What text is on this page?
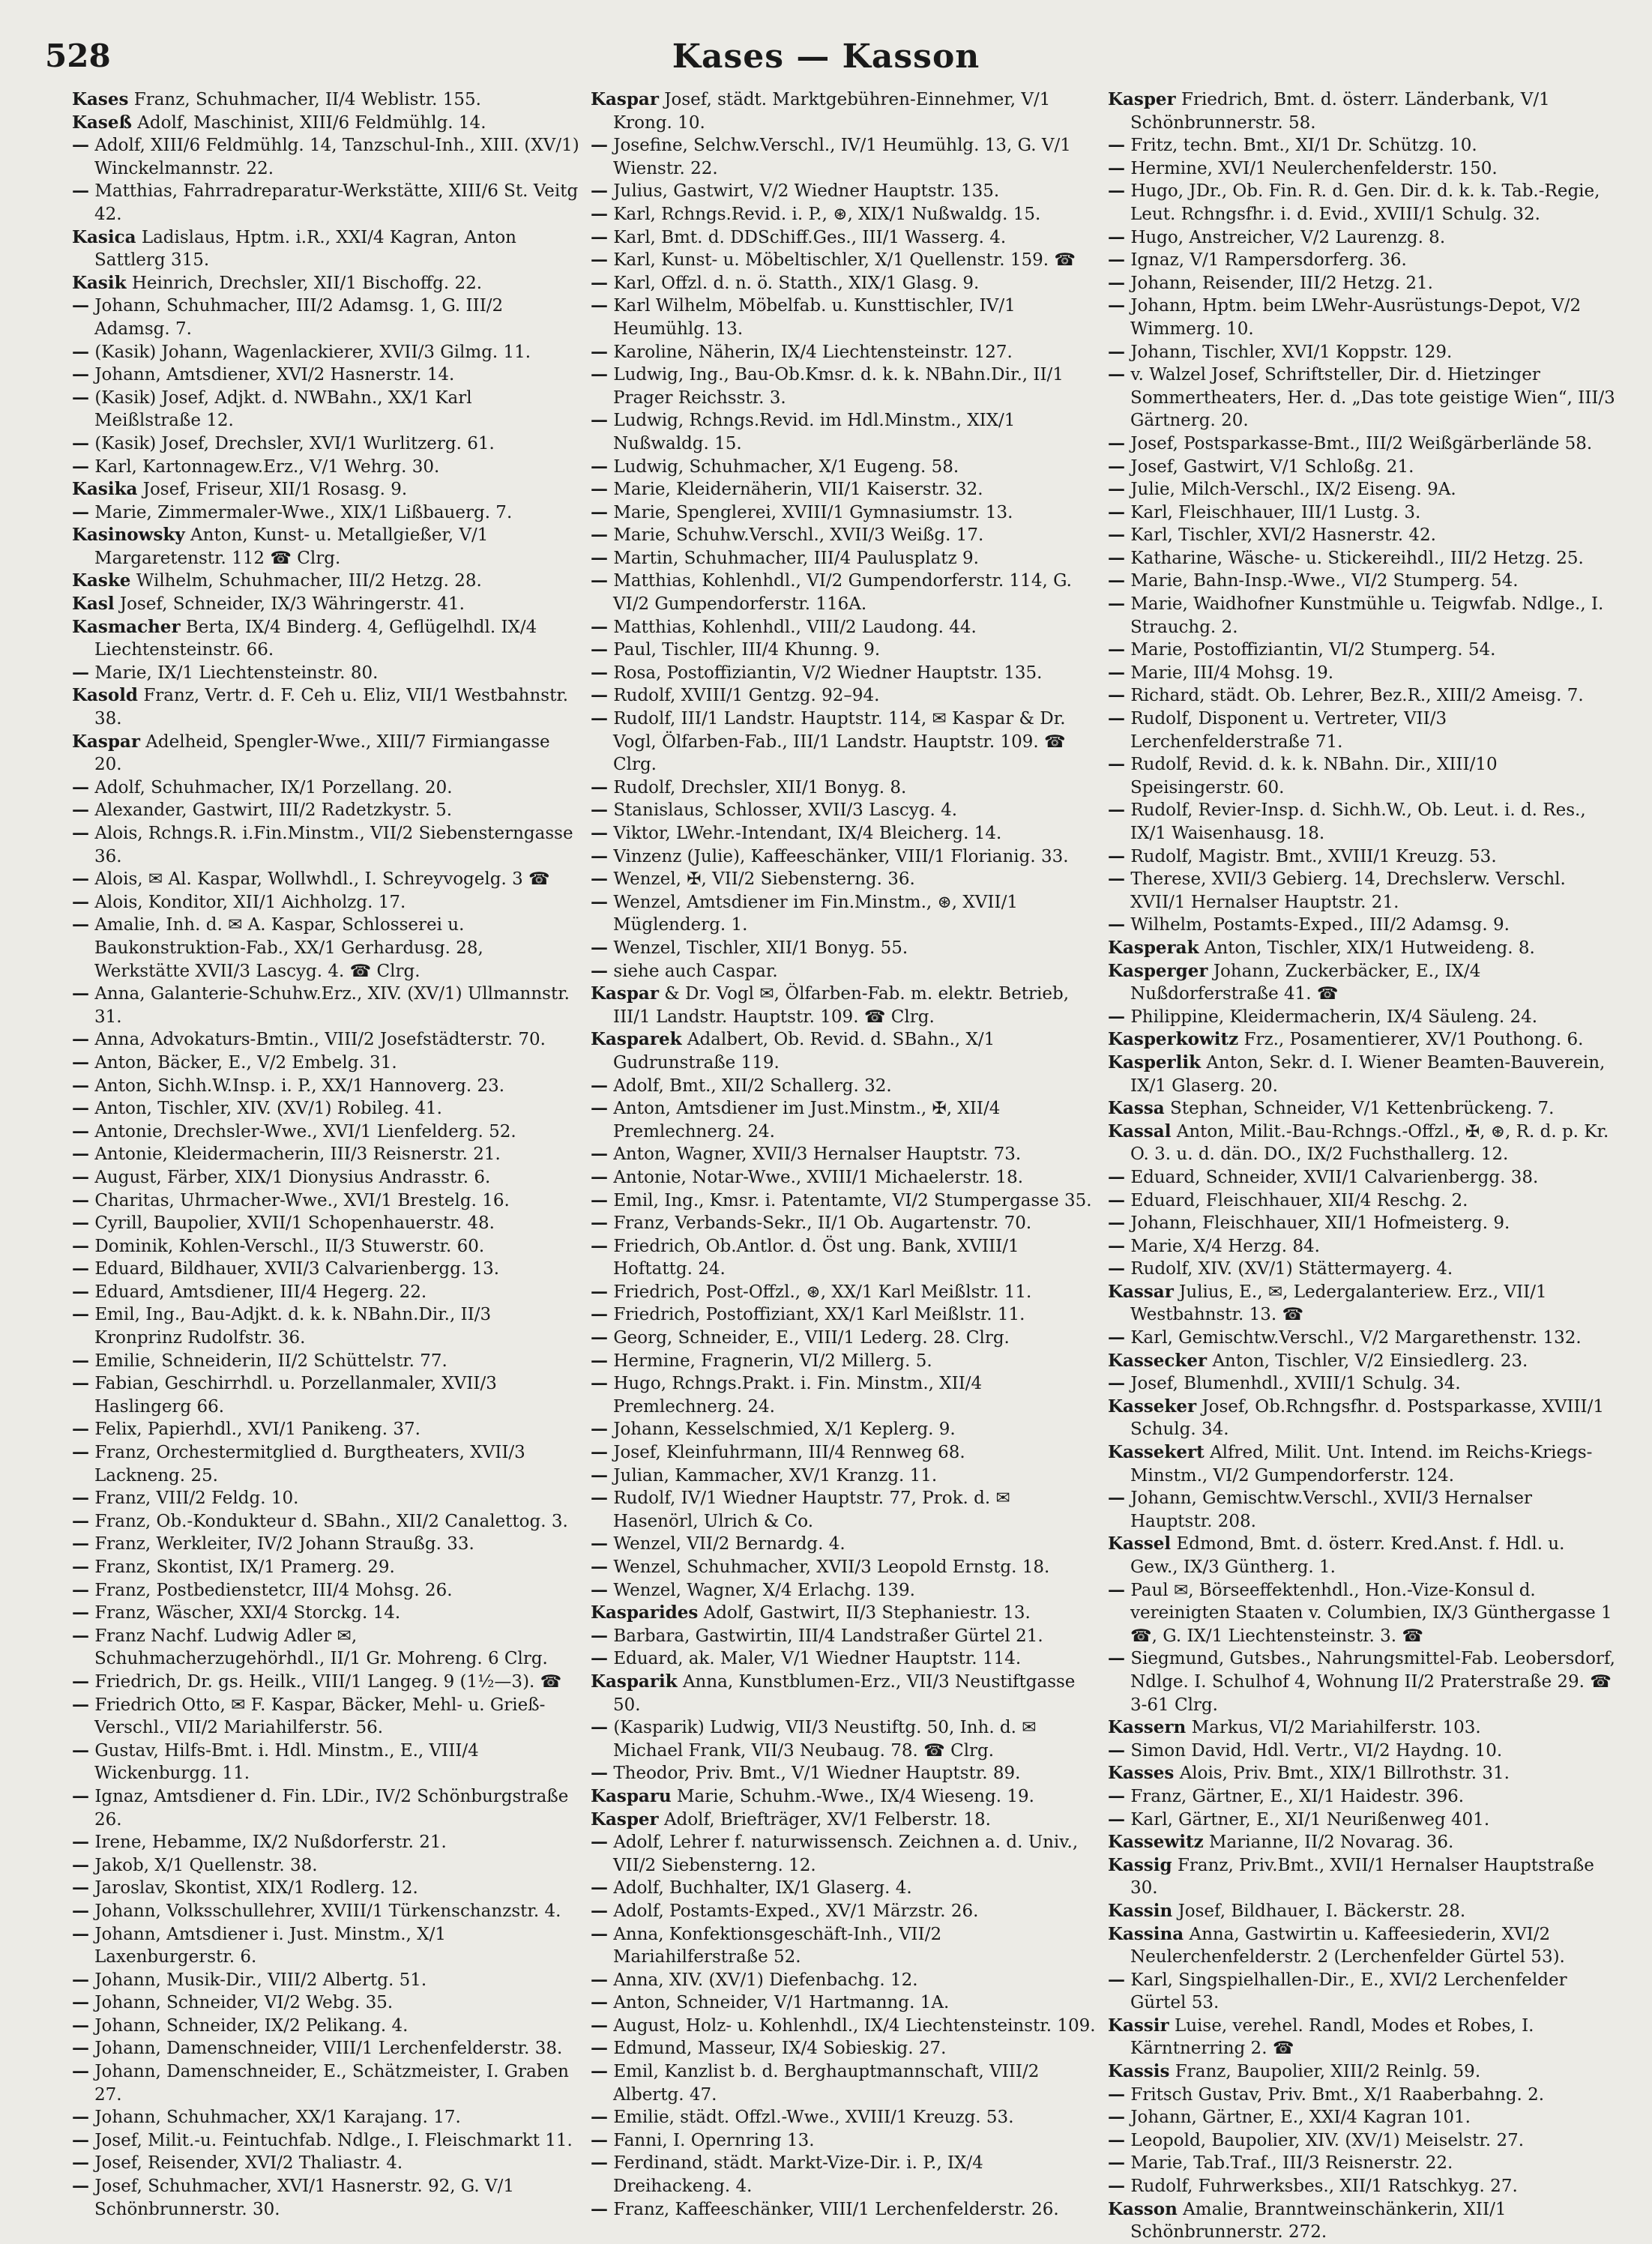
528	Kases — Kasson
Kases Franz, Schuhmacher, II/4 Weblistr. 155.
Kaseß Adolf, Maschinist, XIII/6 Feldmühlg. 14.
— Adolf, XIII/6 Feldmühlg. 14, Tanzschul-Inh., XIII. (XV/1) Winckelmannstr. 22.
— Matthias, Fahrradreparatur-Werkstätte, XIII/6 St. Veitg 42.
Kasica Ladislaus, Hptm. i.R., XXI/4 Kagran, Anton Sattlerg 315.
Kasik Heinrich, Drechsler, XII/1 Bischoffg. 22.
— Johann, Schuhmacher, III/2 Adamsg. 1, G. III/2 Adamsg. 7.
— (Kasik) Johann, Wagenlackierer, XVII/3 Gilmg. 11.
— Johann, Amtsdiener, XVI/2 Hasnerstr. 14.
— (Kasik) Josef, Adjkt. d. NWBahn., XX/1 Karl Meißlstraße 12.
— (Kasik) Josef, Drechsler, XVI/1 Wurlitzerg. 61.
— Karl, Kartonnagew.Erz., V/1 Wehrg. 30.
Kasika Josef, Friseur, XII/1 Rosasg. 9.
— Marie, Zimmermaler-Wwe., XIX/1 Lißbauerg. 7.
Kasinowsky Anton, Kunst- u. Metallgießer, V/1 Margaretenstr. 112 ☎ Clrg.
Kaske Wilhelm, Schuhmacher, III/2 Hetzg. 28.
Kasl Josef, Schneider, IX/3 Währingerstr. 41.
Kasmacher Berta, IX/4 Binderg. 4, Geflügelhdl. IX/4 Liechtensteinstr. 66.
— Marie, IX/1 Liechtensteinstr. 80.
Kasold Franz, Vertr. d. F. Ceh u. Eliz, VII/1 Westbahnstr. 38.
Kaspar Adelheid, Spengler-Wwe., XIII/7 Firmiangasse 20.
— Adolf, Schuhmacher, IX/1 Porzellang. 20.
— Alexander, Gastwirt, III/2 Radetzkystr. 5.
— Alois, Rchngs.R. i.Fin.Minstm., VII/2 Siebensterngasse 36.
— Alois, ✉ Al. Kaspar, Wollwhdl., I. Schreyvogelg. 3 ☎
— Alois, Konditor, XII/1 Aichholzg. 17.
— Amalie, Inh. d. ✉ A. Kaspar, Schlosserei u. Baukonstruktion-Fab., XX/1 Gerhardusg. 28, Werkstätte XVII/3 Lascyg. 4. ☎ Clrg.
— Anna, Galanterie-Schuhw.Erz., XIV. (XV/1) Ullmannstr. 31.
— Anna, Advokaturs-Bmtin., VIII/2 Josefstädterstr. 70.
— Anton, Bäcker, E., V/2 Embelg. 31.
— Anton, Sichh.W.Insp. i. P., XX/1 Hannoverg. 23.
— Anton, Tischler, XIV. (XV/1) Robileg. 41.
— Antonie, Drechsler-Wwe., XVI/1 Lienfelderg. 52.
— Antonie, Kleidermacherin, III/3 Reisnerstr. 21.
— August, Färber, XIX/1 Dionysius Andrasstr. 6.
— Charitas, Uhrmacher-Wwe., XVI/1 Brestelg. 16.
— Cyrill, Baupolier, XVII/1 Schopenhauerstr. 48.
— Dominik, Kohlen-Verschl., II/3 Stuwerstr. 60.
— Eduard, Bildhauer, XVII/3 Calvarienbergg. 13.
— Eduard, Amtsdiener, III/4 Hegerg. 22.
— Emil, Ing., Bau-Adjkt. d. k. k. NBahn.Dir., II/3 Kronprinz Rudolfstr. 36.
— Emilie, Schneiderin, II/2 Schüttelstr. 77.
— Fabian, Geschirrhdl. u. Porzellanmaler, XVII/3 Haslingerg 66.
— Felix, Papierhdl., XVI/1 Panikeng. 37.
— Franz, Orchestermitglied d. Burgtheaters, XVII/3 Lackneng. 25.
— Franz, VIII/2 Feldg. 10.
— Franz, Ob.-Kondukteur d. SBahn., XII/2 Canalettog. 3.
— Franz, Werkleiter, IV/2 Johann Straußg. 33.
— Franz, Skontist, IX/1 Pramerg. 29.
— Franz, Postbedienstetcr, III/4 Mohsg. 26.
— Franz, Wäscher, XXI/4 Storckg. 14.
— Franz Nachf. Ludwig Adler ✉, Schuhmacherzugehörhdl., II/1 Gr. Mohreng. 6 Clrg.
— Friedrich, Dr. gs. Heilk., VIII/1 Langeg. 9 (1½—3). ☎
— Friedrich Otto, ✉ F. Kaspar, Bäcker, Mehl- u. Grieß-Verschl., VII/2 Mariahilferstr. 56.
— Gustav, Hilfs-Bmt. i. Hdl. Minstm., E., VIII/4 Wickenburgg. 11.
— Ignaz, Amtsdiener d. Fin. LDir., IV/2 Schönburgstraße 26.
— Irene, Hebamme, IX/2 Nußdorferstr. 21.
— Jakob, X/1 Quellenstr. 38.
— Jaroslav, Skontist, XIX/1 Rodlerg. 12.
— Johann, Volksschullehrer, XVIII/1 Türkenschanzstr. 4.
— Johann, Amtsdiener i. Just. Minstm., X/1 Laxenburgerstr. 6.
— Johann, Musik-Dir., VIII/2 Albertg. 51.
— Johann, Schneider, VI/2 Webg. 35.
— Johann, Schneider, IX/2 Pelikang. 4.
— Johann, Damenschneider, VIII/1 Lerchenfelderstr. 38.
— Johann, Damenschneider, E., Schätzmeister, I. Graben 27.
— Johann, Schuhmacher, XX/1 Karajang. 17.
— Josef, Milit.-u. Feintuchfab. Ndlge., I. Fleischmarkt 11.
— Josef, Reisender, XVI/2 Thaliastr. 4.
— Josef, Schuhmacher, XVI/1 Hasnerstr. 92, G. V/1 Schönbrunnerstr. 30.
Kaspar Josef, städt. Marktgebühren-Einnehmer, V/1 Krong. 10.
— Josefine, Selchw.Verschl., IV/1 Heumühlg. 13, G. V/1 Wienstr. 22.
— Julius, Gastwirt, V/2 Wiedner Hauptstr. 135.
— Karl, Rchngs.Revid. i. P., ⊛, XIX/1 Nußwaldg. 15.
— Karl, Bmt. d. DDSchiff.Ges., III/1 Wasserg. 4.
— Karl, Kunst- u. Möbeltischler, X/1 Quellenstr. 159. ☎
— Karl, Offzl. d. n. ö. Statth., XIX/1 Glasg. 9.
— Karl Wilhelm, Möbelfab. u. Kunsttischler, IV/1 Heumühlg. 13.
— Karoline, Näherin, IX/4 Liechtensteinstr. 127.
— Ludwig, Ing., Bau-Ob.Kmsr. d. k. k. NBahn.Dir., II/1 Prager Reichsstr. 3.
— Ludwig, Rchngs.Revid. im Hdl.Minstm., XIX/1 Nußwaldg. 15.
— Ludwig, Schuhmacher, X/1 Eugeng. 58.
— Marie, Kleidernäherin, VII/1 Kaiserstr. 32.
— Marie, Spenglerei, XVIII/1 Gymnasiumstr. 13.
— Marie, Schuhw.Verschl., XVII/3 Weißg. 17.
— Martin, Schuhmacher, III/4 Paulusplatz 9.
— Matthias, Kohlenhdl., VI/2 Gumpendorferstr. 114, G. VI/2 Gumpendorferstr. 116A.
— Matthias, Kohlenhdl., VIII/2 Laudong. 44.
— Paul, Tischler, III/4 Khunng. 9.
— Rosa, Postoffiziantin, V/2 Wiedner Hauptstr. 135.
— Rudolf, XVIII/1 Gentzg. 92–94.
— Rudolf, III/1 Landstr. Hauptstr. 114, ✉ Kaspar & Dr. Vogl, Ölfarben-Fab., III/1 Landstr. Hauptstr. 109. ☎ Clrg.
— Rudolf, Drechsler, XII/1 Bonyg. 8.
— Stanislaus, Schlosser, XVII/3 Lascyg. 4.
— Viktor, LWehr.-Intendant, IX/4 Bleicherg. 14.
— Vinzenz (Julie), Kaffeeschänker, VIII/1 Florianig. 33.
— Wenzel, ✠, VII/2 Siebensterng. 36.
— Wenzel, Amtsdiener im Fin.Minstm., ⊛, XVII/1 Müglenderg. 1.
— Wenzel, Tischler, XII/1 Bonyg. 55.
— siehe auch Caspar.
Kaspar & Dr. Vogl ✉, Ölfarben-Fab. m. elektr. Betrieb, III/1 Landstr. Hauptstr. 109. ☎ Clrg.
Kasparek Adalbert, Ob. Revid. d. SBahn., X/1 Gudrunstraße 119.
— Adolf, Bmt., XII/2 Schallerg. 32.
— Anton, Amtsdiener im Just.Minstm., ✠, XII/4 Premlechnerg. 24.
— Anton, Wagner, XVII/3 Hernalser Hauptstr. 73.
— Antonie, Notar-Wwe., XVIII/1 Michaelerstr. 18.
— Emil, Ing., Kmsr. i. Patentamte, VI/2 Stumpergasse 35.
— Franz, Verbands-Sekr., II/1 Ob. Augartenstr. 70.
— Friedrich, Ob.Antlor. d. Öst ung. Bank, XVIII/1 Hoftattg. 24.
— Friedrich, Post-Offzl., ⊛, XX/1 Karl Meißlstr. 11.
— Friedrich, Postoffiziant, XX/1 Karl Meißlstr. 11.
— Georg, Schneider, E., VIII/1 Lederg. 28. Clrg.
— Hermine, Fragnerin, VI/2 Millerg. 5.
— Hugo, Rchngs.Prakt. i. Fin. Minstm., XII/4 Premlechnerg. 24.
— Johann, Kesselschmied, X/1 Keplerg. 9.
— Josef, Kleinfuhrmann, III/4 Rennweg 68.
— Julian, Kammacher, XV/1 Kranzg. 11.
— Rudolf, IV/1 Wiedner Hauptstr. 77, Prok. d. ✉ Hasenörl, Ulrich & Co.
— Wenzel, VII/2 Bernardg. 4.
— Wenzel, Schuhmacher, XVII/3 Leopold Ernstg. 18.
— Wenzel, Wagner, X/4 Erlachg. 139.
Kasparides Adolf, Gastwirt, II/3 Stephaniestr. 13.
— Barbara, Gastwirtin, III/4 Landstraßer Gürtel 21.
— Eduard, ak. Maler, V/1 Wiedner Hauptstr. 114.
Kasparik Anna, Kunstblumen-Erz., VII/3 Neustiftgasse 50.
— (Kasparik) Ludwig, VII/3 Neustiftg. 50, Inh. d. ✉ Michael Frank, VII/3 Neubaug. 78. ☎ Clrg.
— Theodor, Priv. Bmt., V/1 Wiedner Hauptstr. 89.
Kasparu Marie, Schuhm.-Wwe., IX/4 Wieseng. 19.
Kasper Adolf, Briefträger, XV/1 Felberstr. 18.
— Adolf, Lehrer f. naturwissensch. Zeichnen a. d. Univ., VII/2 Siebensterng. 12.
— Adolf, Buchhalter, IX/1 Glaserg. 4.
— Adolf, Postamts-Exped., XV/1 Märzstr. 26.
— Anna, Konfektionsgeschäft-Inh., VII/2 Mariahilferstraße 52.
— Anna, XIV. (XV/1) Diefenbachg. 12.
— Anton, Schneider, V/1 Hartmanng. 1A.
— August, Holz- u. Kohlenhdl., IX/4 Liechtensteinstr. 109.
— Edmund, Masseur, IX/4 Sobieskig. 27.
— Emil, Kanzlist b. d. Berghauptmannschaft, VIII/2 Albertg. 47.
— Emilie, städt. Offzl.-Wwe., XVIII/1 Kreuzg. 53.
— Fanni, I. Opernring 13.
— Ferdinand, städt. Markt-Vize-Dir. i. P., IX/4 Dreihackeng. 4.
— Franz, Kaffeeschänker, VIII/1 Lerchenfelderstr. 26.
Kasper Friedrich, Bmt. d. österr. Länderbank, V/1 Schönbrunnerstr. 58.
— Fritz, techn. Bmt., XI/1 Dr. Schützg. 10.
— Hermine, XVI/1 Neulerchenfelderstr. 150.
— Hugo, JDr., Ob. Fin. R. d. Gen. Dir. d. k. k. Tab.-Regie, Leut. Rchngsfhr. i. d. Evid., XVIII/1 Schulg. 32.
— Hugo, Anstreicher, V/2 Laurenzg. 8.
— Ignaz, V/1 Rampersdorferg. 36.
— Johann, Reisender, III/2 Hetzg. 21.
— Johann, Hptm. beim LWehr-Ausrüstungs-Depot, V/2 Wimmerg. 10.
— Johann, Tischler, XVI/1 Koppstr. 129.
— v. Walzel Josef, Schriftsteller, Dir. d. Hietzinger Sommertheaters, Her. d. „Das tote geistige Wien“, III/3 Gärtnerg. 20.
— Josef, Postsparkasse-Bmt., III/2 Weißgärberlände 58.
— Josef, Gastwirt, V/1 Schloßg. 21.
— Julie, Milch-Verschl., IX/2 Eiseng. 9A.
— Karl, Fleischhauer, III/1 Lustg. 3.
— Karl, Tischler, XVI/2 Hasnerstr. 42.
— Katharine, Wäsche- u. Stickereihdl., III/2 Hetzg. 25.
— Marie, Bahn-Insp.-Wwe., VI/2 Stumperg. 54.
— Marie, Waidhofner Kunstmühle u. Teigwfab. Ndlge., I. Strauchg. 2.
— Marie, Postoffiziantin, VI/2 Stumperg. 54.
— Marie, III/4 Mohsg. 19.
— Richard, städt. Ob. Lehrer, Bez.R., XIII/2 Ameisg. 7.
— Rudolf, Disponent u. Vertreter, VII/3 Lerchenfelderstraße 71.
— Rudolf, Revid. d. k. k. NBahn. Dir., XIII/10 Speisingerstr. 60.
— Rudolf, Revier-Insp. d. Sichh.W., Ob. Leut. i. d. Res., IX/1 Waisenhausg. 18.
— Rudolf, Magistr. Bmt., XVIII/1 Kreuzg. 53.
— Therese, XVII/3 Gebierg. 14, Drechslerw. Verschl. XVII/1 Hernalser Hauptstr. 21.
— Wilhelm, Postamts-Exped., III/2 Adamsg. 9.
Kasperak Anton, Tischler, XIX/1 Hutweideng. 8.
Kasperger Johann, Zuckerbäcker, E., IX/4 Nußdorferstraße 41. ☎
— Philippine, Kleidermacherin, IX/4 Säuleng. 24.
Kasperkowitz Frz., Posamentierer, XV/1 Pouthong. 6.
Kasperlik Anton, Sekr. d. I. Wiener Beamten-Bauverein, IX/1 Glaserg. 20.
Kassa Stephan, Schneider, V/1 Kettenbrückeng. 7.
Kassal Anton, Milit.-Bau-Rchngs.-Offzl., ✠, ⊛, R. d. p. Kr. O. 3. u. d. dän. DO., IX/2 Fuchsthallerg. 12.
— Eduard, Schneider, XVII/1 Calvarienbergg. 38.
— Eduard, Fleischhauer, XII/4 Reschg. 2.
— Johann, Fleischhauer, XII/1 Hofmeisterg. 9.
— Marie, X/4 Herzg. 84.
— Rudolf, XIV. (XV/1) Stättermayerg. 4.
Kassar Julius, E., ✉, Ledergalanteriew. Erz., VII/1 Westbahnstr. 13. ☎
— Karl, Gemischtw.Verschl., V/2 Margarethenstr. 132.
Kassecker Anton, Tischler, V/2 Einsiedlerg. 23.
— Josef, Blumenhdl., XVIII/1 Schulg. 34.
Kasseker Josef, Ob.Rchngsfhr. d. Postsparkasse, XVIII/1 Schulg. 34.
Kassekert Alfred, Milit. Unt. Intend. im Reichs-Kriegs-Minstm., VI/2 Gumpendorferstr. 124.
— Johann, Gemischtw.Verschl., XVII/3 Hernalser Hauptstr. 208.
Kassel Edmond, Bmt. d. österr. Kred.Anst. f. Hdl. u. Gew., IX/3 Güntherg. 1.
— Paul ✉, Börseeffektenhdl., Hon.-Vize-Konsul d. vereinigten Staaten v. Columbien, IX/3 Günthergasse 1 ☎, G. IX/1 Liechtensteinstr. 3. ☎
— Siegmund, Gutsbes., Nahrungsmittel-Fab. Leobersdorf, Ndlge. I. Schulhof 4, Wohnung II/2 Praterstraße 29. ☎ 3-61 Clrg.
Kassern Markus, VI/2 Mariahilferstr. 103.
— Simon David, Hdl. Vertr., VI/2 Haydng. 10.
Kasses Alois, Priv. Bmt., XIX/1 Billrothstr. 31.
— Franz, Gärtner, E., XI/1 Haidestr. 396.
— Karl, Gärtner, E., XI/1 Neurißenweg 401.
Kassewitz Marianne, II/2 Novarag. 36.
Kassig Franz, Priv.Bmt., XVII/1 Hernalser Hauptstraße 30.
Kassin Josef, Bildhauer, I. Bäckerstr. 28.
Kassina Anna, Gastwirtin u. Kaffeesiederin, XVI/2 Neulerchenfelderstr. 2 (Lerchenfelder Gürtel 53).
— Karl, Singspielhallen-Dir., E., XVI/2 Lerchenfelder Gürtel 53.
Kassir Luise, verehel. Randl, Modes et Robes, I. Kärntnerring 2. ☎
Kassis Franz, Baupolier, XIII/2 Reinlg. 59.
— Fritsch Gustav, Priv. Bmt., X/1 Raaberbahng. 2.
— Johann, Gärtner, E., XXI/4 Kagran 101.
— Leopold, Baupolier, XIV. (XV/1) Meiselstr. 27.
— Marie, Tab.Traf., III/3 Reisnerstr. 22.
— Rudolf, Fuhrwerksbes., XII/1 Ratschkyg. 27.
Kasson Amalie, Branntweinschänkerin, XII/1 Schönbrunnerstr. 272.
